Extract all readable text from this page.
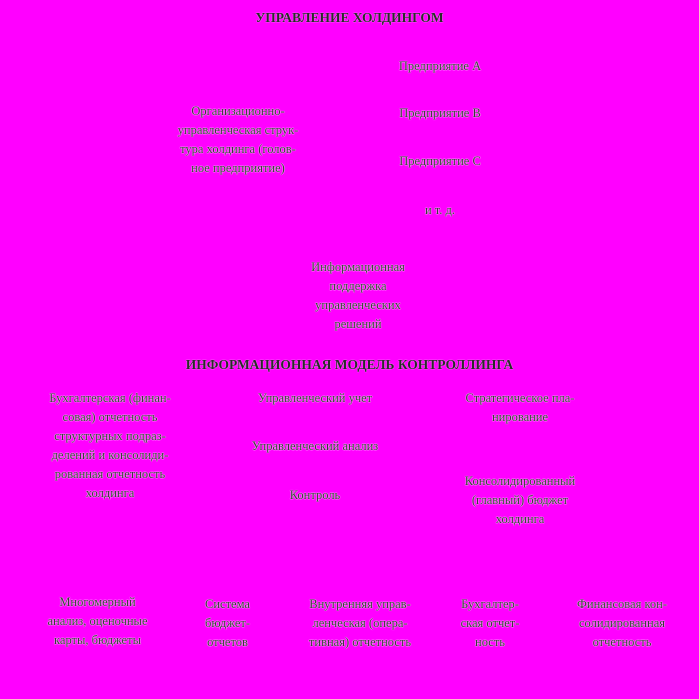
УПРАВЛЕНИЕ ХОЛДИНГОМ
Организационно-
управленческая струк-
тура холдинга (голов-
ное предприятие)
Предприятие А
Предприятие В
Предприятие С
и т. д.
Информационная
поддержка
управленческих
решений
ИНФОРМАЦИОННАЯ МОДЕЛЬ КОНТРОЛЛИНГА
Бухгалтерская (финан-
совая) отчетность
структурных подраз-
делений и консолиди-
рованная отчетность
холдинга
Управленческий учет
Управленческий анализ
Контроль
Стратегическое пла-
нирование
Консолидированный
(главный) бюджет
холдинга
Многомерный
анализ, оценочные
карты, бюджеты
Система
бюджет-
отчетов
Внутренняя управ-
ленческая (опера-
тивная) отчетность
Бухгалтер-
ская отчет-
ность
Финансовая кон-
солидированная
отчетность
